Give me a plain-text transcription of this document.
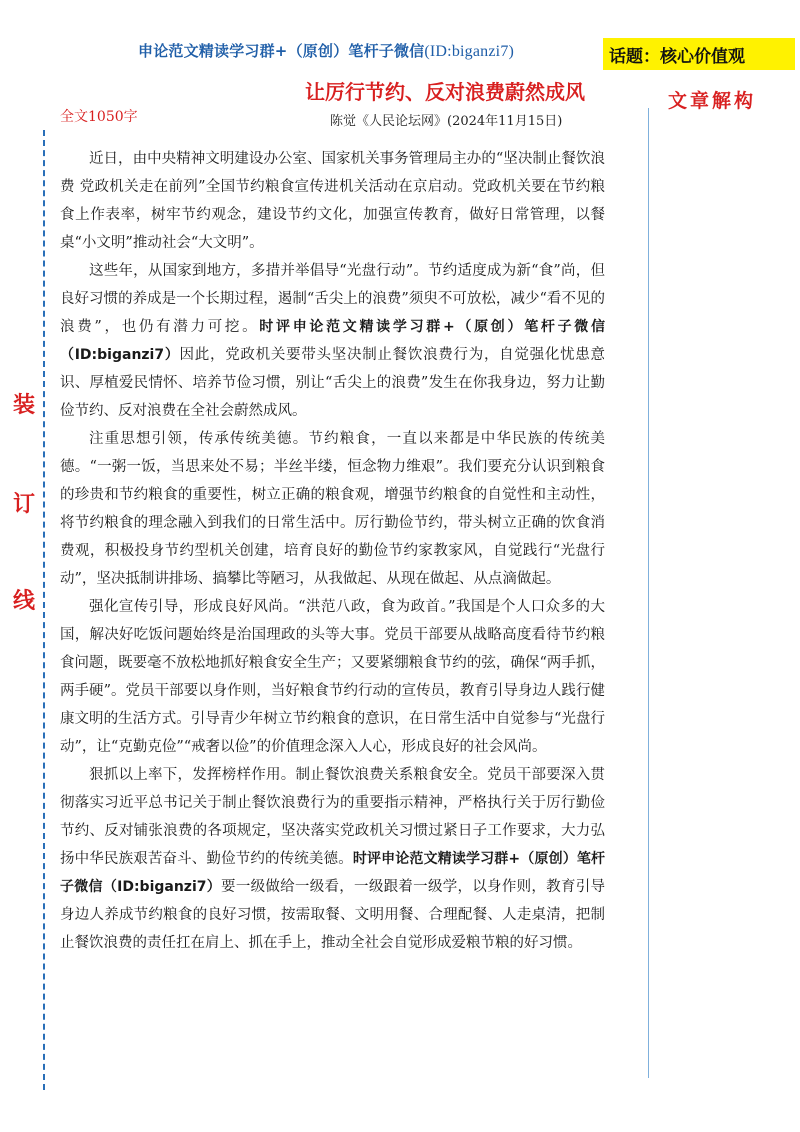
申论范文精读学习群+（原创）笔杆子微信(ID:biganzi7)	话题：核心价值观
让厉行节约、反对浪费蔚然成风
陈觉《人民论坛网》(2024年11月15日)
全文1050字
文章解构
装
订
线

近日，由中央精神文明建设办公室、国家机关事务管理局主办的“坚决制止餐饮浪费 党政机关走在前列”全国节约粮食宣传进机关活动在京启动。党政机关要在节约粮食上作表率，树牢节约观念，建设节约文化，加强宣传教育，做好日常管理，以餐桌“小文明”推动社会“大文明”。

这些年，从国家到地方，多措并举倡导“光盘行动”。节约适度成为新“食”尚，但良好习惯的养成是一个长期过程，遏制“舌尖上的浪费”须臾不可放松，减少“看不见的浪费”，也仍有潜力可挖。时评申论范文精读学习群+（原创）笔杆子微信（ID:biganzi7）因此，党政机关要带头坚决制止餐饮浪费行为，自觉强化忧患意识、厚植爱民情怀、培养节俭习惯，别让“舌尖上的浪费”发生在你我身边，努力让勤俭节约、反对浪费在全社会蔚然成风。

注重思想引领，传承传统美德。节约粮食，一直以来都是中华民族的传统美德。“一粥一饭，当思来处不易；半丝半缕，恒念物力维艰”。我们要充分认识到粮食的珍贵和节约粮食的重要性，树立正确的粮食观，增强节约粮食的自觉性和主动性，将节约粮食的理念融入到我们的日常生活中。厉行勤俭节约，带头树立正确的饮食消费观，积极投身节约型机关创建，培育良好的勤俭节约家教家风，自觉践行“光盘行动”，坚决抵制讲排场、搞攀比等陋习，从我做起、从现在做起、从点滴做起。

强化宣传引导，形成良好风尚。“洪范八政，食为政首。”我国是个人口众多的大国，解决好吃饭问题始终是治国理政的头等大事。党员干部要从战略高度看待节约粮食问题，既要毫不放松地抓好粮食安全生产；又要紧绷粮食节约的弦，确保“两手抓，两手硬”。党员干部要以身作则，当好粮食节约行动的宣传员，教育引导身边人践行健康文明的生活方式。引导青少年树立节约粮食的意识，在日常生活中自觉参与“光盘行动”，让“克勤克俭”“戒奢以俭”的价值理念深入人心，形成良好的社会风尚。

狠抓以上率下，发挥榜样作用。制止餐饮浪费关系粮食安全。党员干部要深入贯彻落实习近平总书记关于制止餐饮浪费行为的重要指示精神，严格执行关于厉行勤俭节约、反对铺张浪费的各项规定，坚决落实党政机关习惯过紧日子工作要求，大力弘扬中华民族艰苦奋斗、勤俭节约的传统美德。时评申论范文精读学习群+（原创）笔杆子微信（ID:biganzi7）要一级做给一级看，一级跟着一级学，以身作则，教育引导身边人养成节约粮食的良好习惯，按需取餐、文明用餐、合理配餐、人走桌清，把制止餐饮浪费的责任扛在肩上、抓在手上，推动全社会自觉形成爱粮节粮的好习惯。
